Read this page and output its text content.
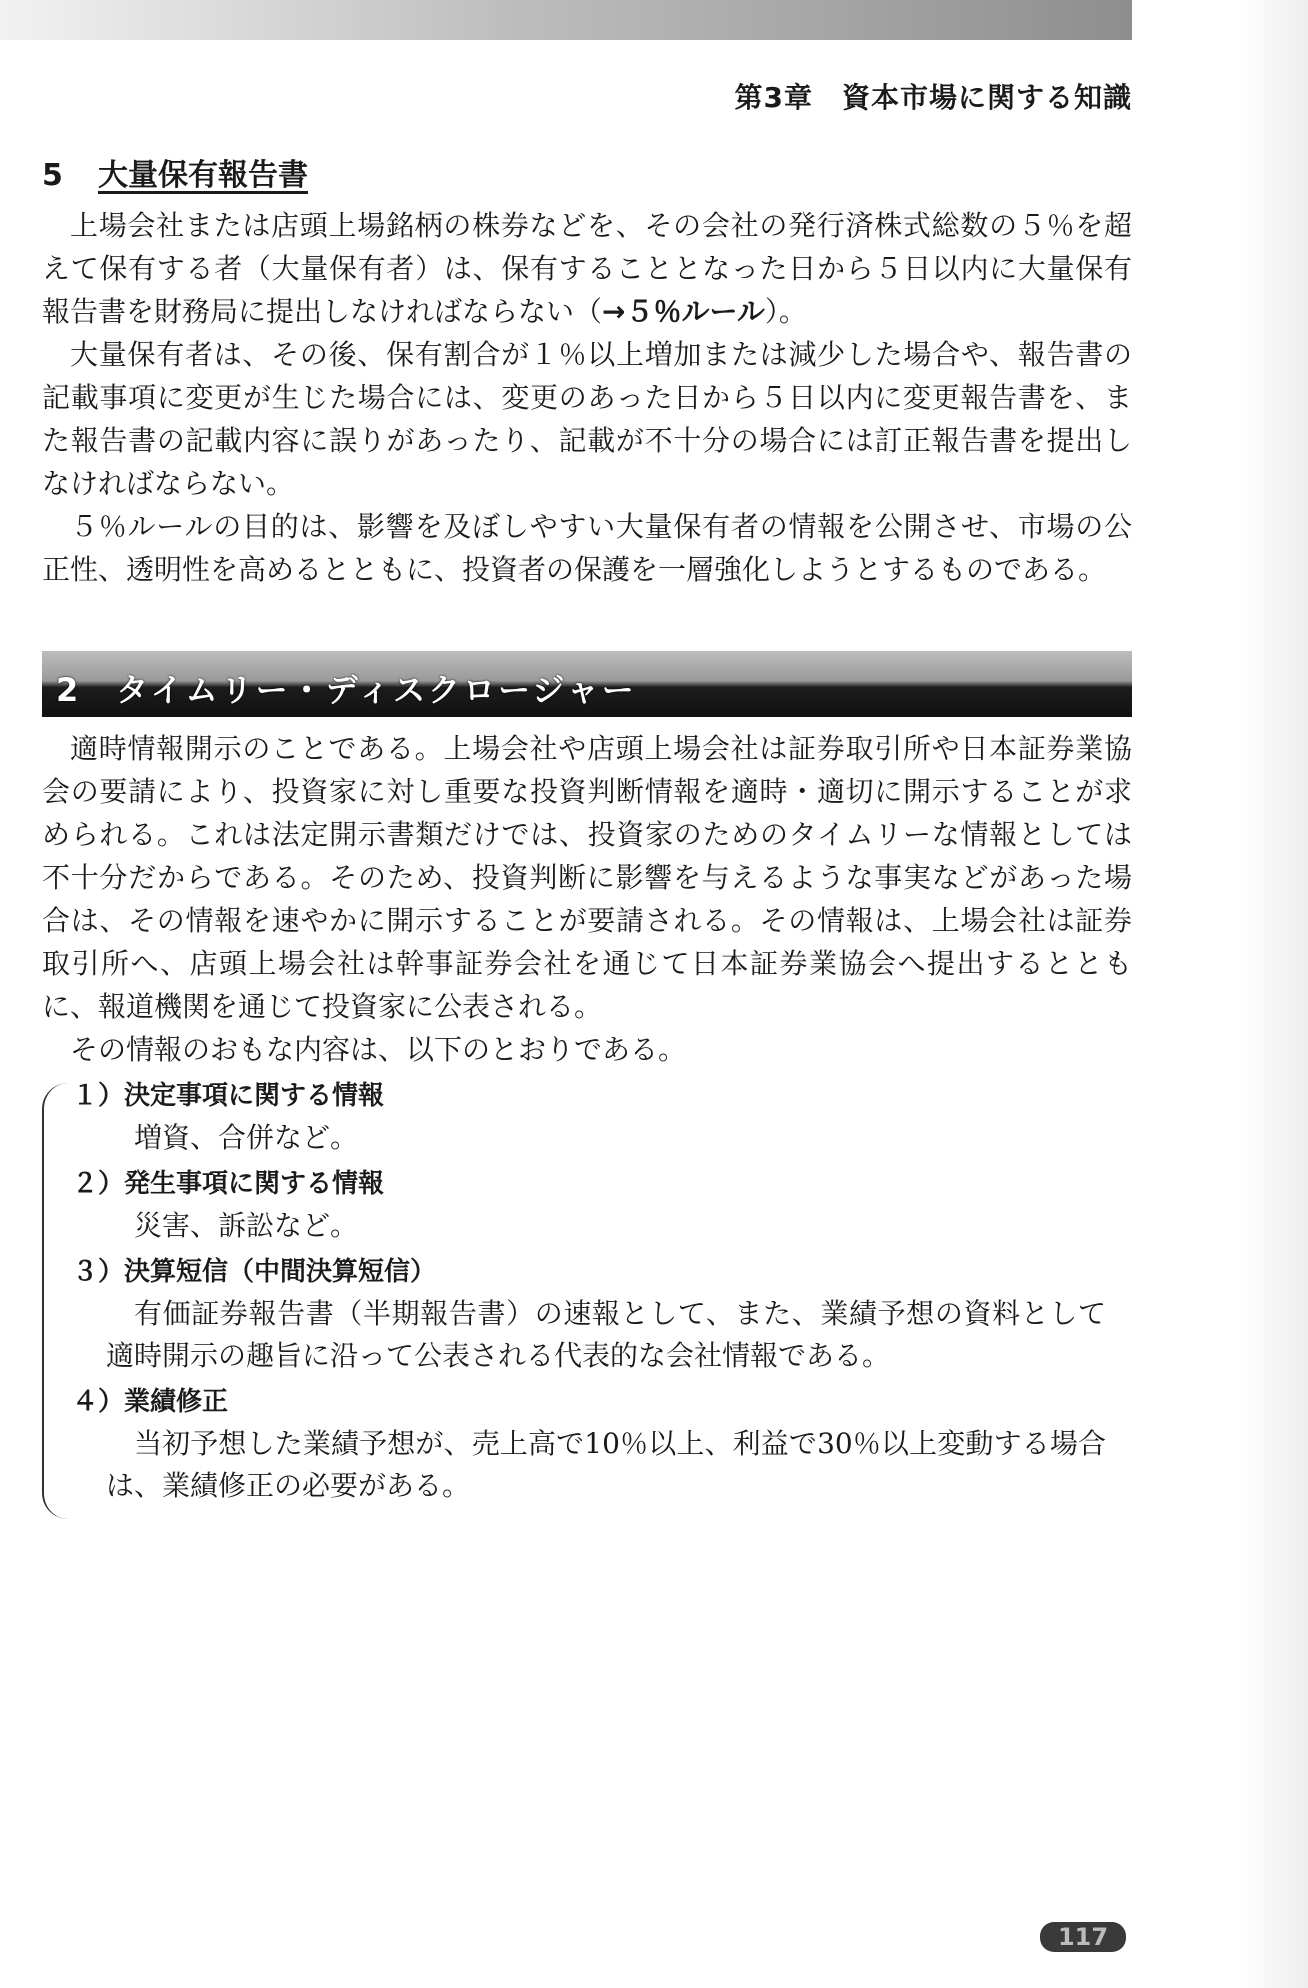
第3章　資本市場に関する知識
5 大量保有報告書

上場会社または店頭上場銘柄の株券などを、その会社の発行済株式総数の５％を超えて保有する者（大量保有者）は、保有することとなった日から５日以内に大量保有報告書を財務局に提出しなければならない（→５％ルール）。

大量保有者は、その後、保有割合が１％以上増加または減少した場合や、報告書の記載事項に変更が生じた場合には、変更のあった日から５日以内に変更報告書を、また報告書の記載内容に誤りがあったり、記載が不十分の場合には訂正報告書を提出しなければならない。

５％ルールの目的は、影響を及ぼしやすい大量保有者の情報を公開させ、市場の公正性、透明性を高めるとともに、投資者の保護を一層強化しようとするものである。

2　 タイムリー・ディスクロージャー

適時情報開示のことである。上場会社や店頭上場会社は証券取引所や日本証券業協会の要請により、投資家に対し重要な投資判断情報を適時・適切に開示することが求められる。これは法定開示書類だけでは、投資家のためのタイムリーな情報としては不十分だからである。そのため、投資判断に影響を与えるような事実などがあった場合は、その情報を速やかに開示することが要請される。その情報は、上場会社は証券取引所へ、店頭上場会社は幹事証券会社を通じて日本証券業協会へ提出するとともに、報道機関を通じて投資家に公表される。

その情報のおもな内容は、以下のとおりである。

１）決定事項に関する情報

増資、合併など。

２）発生事項に関する情報

災害、訴訟など。

３）決算短信（中間決算短信）

有価証券報告書（半期報告書）の速報として、また、業績予想の資料として適時開示の趣旨に沿って公表される代表的な会社情報である。

４）業績修正

当初予想した業績予想が、売上高で10％以上、利益で30％以上変動する場合は、業績修正の必要がある。

117
